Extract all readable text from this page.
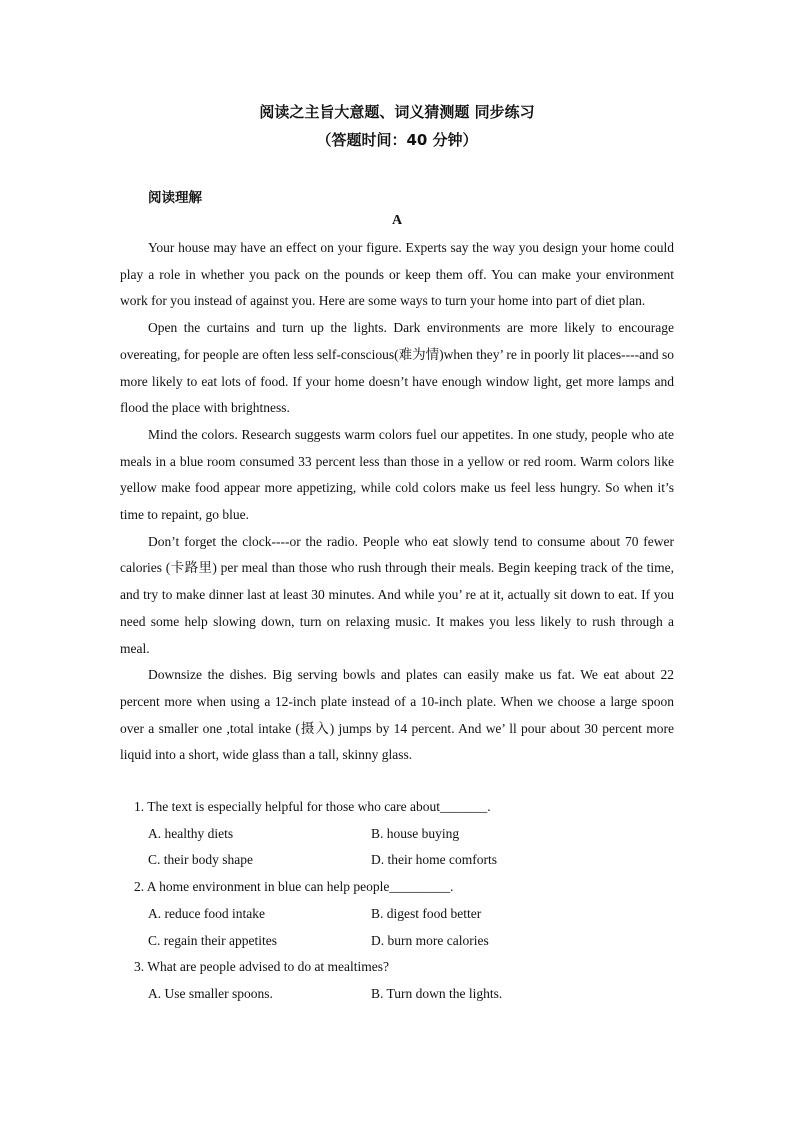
阅读之主旨大意题、词义猜测题 同步练习
（答题时间：40 分钟）
阅读理解
A

Your house may have an effect on your figure. Experts say the way you design your home could play a role in whether you pack on the pounds or keep them off. You can make your environment work for you instead of against you. Here are some ways to turn your home into part of diet plan.

Open the curtains and turn up the lights. Dark environments are more likely to encourage overeating, for people are often less self-conscious(难为情)when they’ re in poorly lit places----and so more likely to eat lots of food. If your home doesn’t have enough window light, get more lamps and flood the place with brightness.

Mind the colors. Research suggests warm colors fuel our appetites. In one study, people who ate meals in a blue room consumed 33 percent less than those in a yellow or red room. Warm colors like yellow make food appear more appetizing, while cold colors make us feel less hungry. So when it’s time to repaint, go blue.

Don’t forget the clock----or the radio. People who eat slowly tend to consume about 70 fewer calories (卡路里) per meal than those who rush through their meals. Begin keeping track of the time, and try to make dinner last at least 30 minutes. And while you’ re at it, actually sit down to eat. If you need some help slowing down, turn on relaxing music. It makes you less likely to rush through a meal.

Downsize the dishes. Big serving bowls and plates can easily make us fat. We eat about 22 percent more when using a 12-inch plate instead of a 10-inch plate. When we choose a large spoon over a smaller one ,total intake (摄入) jumps by 14 percent. And we’ ll pour about 30 percent more liquid into a short, wide glass than a tall, skinny glass.

1. The text is especially helpful for those who care about_______.
A. healthy diets	B. house buying
C. their body shape	D. their home comforts
2. A home environment in blue can help people_________.
A. reduce food intake	B. digest food better
C. regain their appetites	D. burn more calories
3. What are people advised to do at mealtimes?
A. Use smaller spoons.	B. Turn down the lights.
